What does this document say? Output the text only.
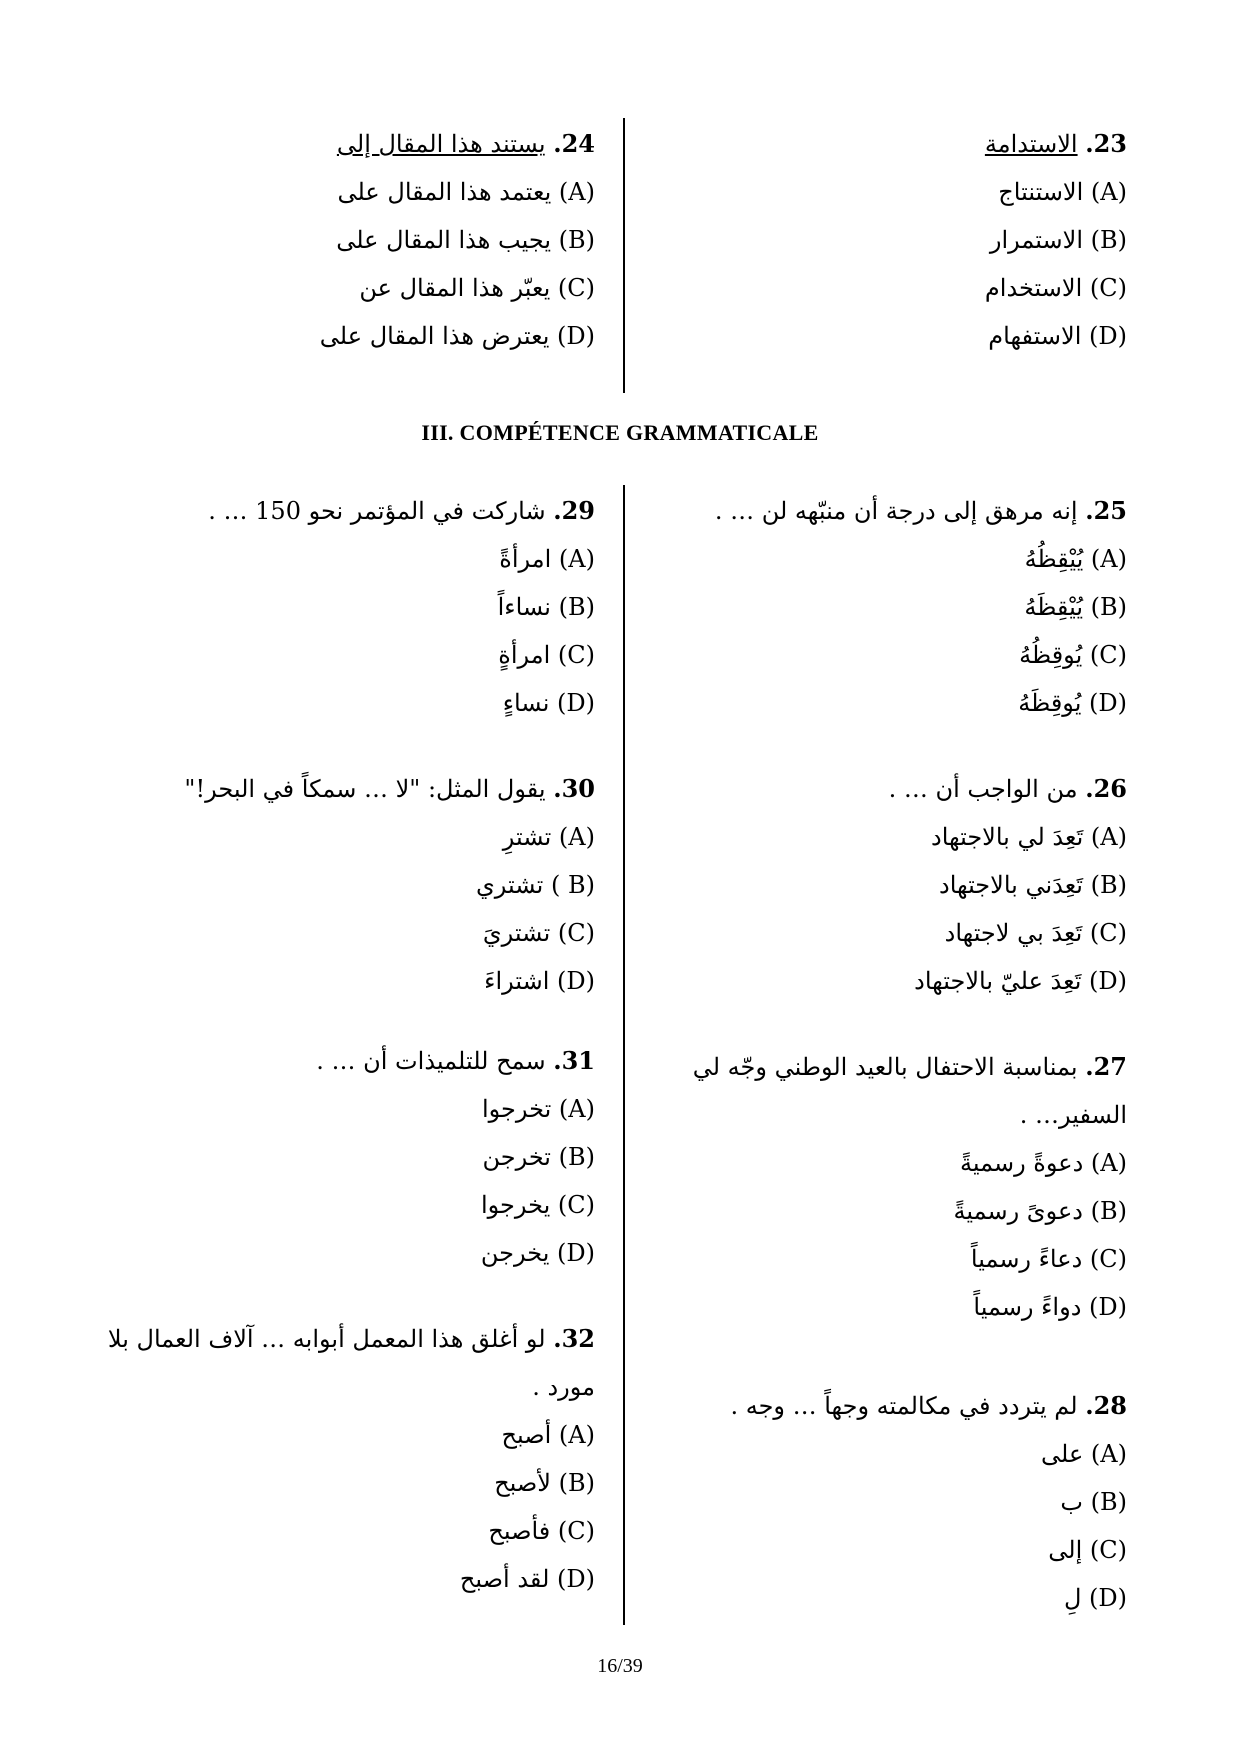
23. الاستدامة
(A) الاستنتاج
(B) الاستمرار
(C) الاستخدام
(D) الاستفهام
24. يستند هذا المقال إلى
(A) يعتمد هذا المقال على
(B) يجيب هذا المقال على
(C) يعبّر هذا المقال عن
(D) يعترض هذا المقال على
III. COMPÉTENCE GRAMMATICALE
25. إنه مرهق إلى درجة أن منبّهه لن … .
(A) يُيْقِظُهُ
(B) يُيْقِظَهُ
(C) يُوقِظُهُ
(D) يُوقِظَهُ
26. من الواجب أن … .
(A) تَعِدَ لي بالاجتهاد
(B) تَعِدَني بالاجتهاد
(C) تَعِدَ بي لاجتهاد
(D) تَعِدَ عليّ بالاجتهاد
27. بمناسبة الاحتفال بالعيد الوطني وجّه لي السفير… .
(A) دعوةً رسميةً
(B) دعوىً رسميةً
(C) دعاءً رسمياً
(D) دواءً رسمياً
28. لم يتردد في مكالمته وجهاً … وجه .
(A) على
(B) ب
(C) إلى
(D) لِ
29. شاركت في المؤتمر نحو 150 … .
(A) امرأةً
(B) نساءاً
(C) امرأةٍ
(D) نساءٍ
30. يقول المثل: "لا … سمكاً في البحر!"
(A) تشترِ
(B ) تشتري
(C) تشتريَ
(D) اشتراءَ
31. سمح للتلميذات أن … .
(A) تخرجوا
(B) تخرجن
(C) يخرجوا
(D) يخرجن
32. لو أغلق هذا المعمل أبوابه … آلاف العمال بلا مورد .
(A) أصبح
(B) لأصبح
(C) فأصبح
(D) لقد أصبح
16/39
